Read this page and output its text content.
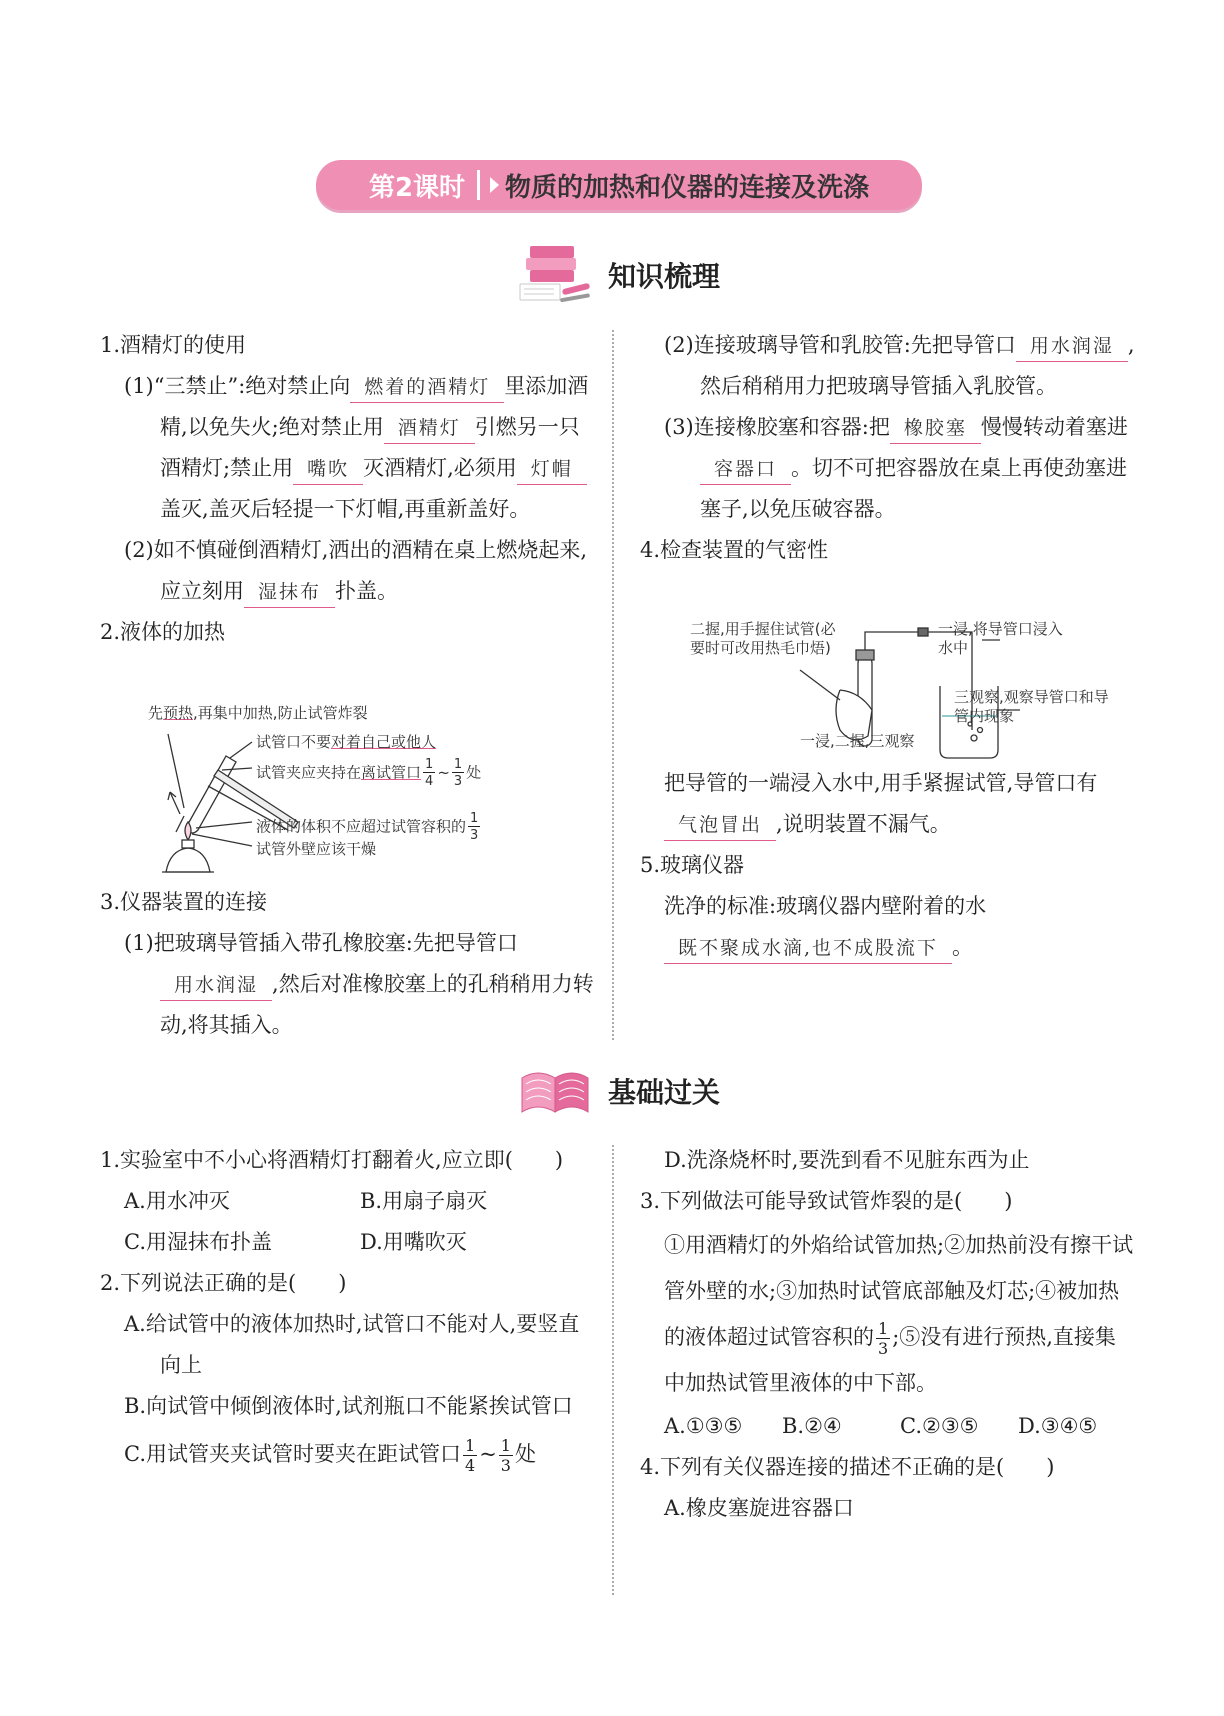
第2课时 物质的加热和仪器的连接及洗涤
知识梳理

1.酒精灯的使用

(1)“三禁止”:绝对禁止向 燃着的酒精灯 里添加酒精,以免失火;绝对禁止用 酒精灯 引燃另一只酒精灯;禁止用 嘴吹 灭酒精灯,必须用 灯帽盖灭,盖灭后轻提一下灯帽,再重新盖好。

(2)如不慎碰倒酒精灯,洒出的酒精在桌上燃烧起来,应立刻用 湿抹布 扑盖。

2.液体的加热

先预热,再集中加热,防止试管炸裂
试管口不要对着自己或他人
试管夹应夹持在离试管口 $\frac{1}{4}$ ~ $\frac{1}{3}$ 处
液体的体积不应超过试管容积的 $\frac{1}{3}$
试管外壁应该干燥

3.仪器装置的连接

(1)把玻璃导管插入带孔橡胶塞:先把导管口用水润湿 ,然后对准橡胶塞上的孔稍稍用力转动,将其插入。

(2)连接玻璃导管和乳胶管:先把导管口 用水润湿 ,然后稍稍用力把玻璃导管插入乳胶管。

(3)连接橡胶塞和容器:把 橡胶塞 慢慢转动着塞进容器口 。切不可把容器放在桌上再使劲塞进塞子,以免压破容器。

4.检查装置的气密性

二握,用手握住试管(必要时可改用热毛巾焐)
一浸,将导管口浸入水中
三观察,观察导管口和导管内现象
一浸,二握,三观察

把导管的一端浸入水中,用手紧握试管,导管口有气泡冒出 ,说明装置不漏气。

5.玻璃仪器

洗净的标准:玻璃仪器内壁附着的水既不聚成水滴,也不成股流下 。

基础过关

1.实验室中不小心将酒精灯打翻着火,应立即(　　)

A.用水冲灭	B.用扇子扇灭
C.用湿抹布扑盖	D.用嘴吹灭

2.下列说法正确的是(　　)

A.给试管中的液体加热时,试管口不能对人,要竖直向上

B.向试管中倾倒液体时,试剂瓶口不能紧挨试管口

C.用试管夹夹试管时要夹在距试管口 $\frac{1}{4}$ ~ $\frac{1}{3}$ 处

D.洗涤烧杯时,要洗到看不见脏东西为止

3.下列做法可能导致试管炸裂的是(　　)

①用酒精灯的外焰给试管加热;②加热前没有擦干试管外壁的水;③加热时试管底部触及灯芯;④被加热的液体超过试管容积的 $\frac{1}{3}$ ;⑤没有进行预热,直接集中加热试管里液体的中下部。

A.①③⑤	B.②④	C.②③⑤	D.③④⑤

4.下列有关仪器连接的描述不正确的是(　　)

A.橡皮塞旋进容器口
